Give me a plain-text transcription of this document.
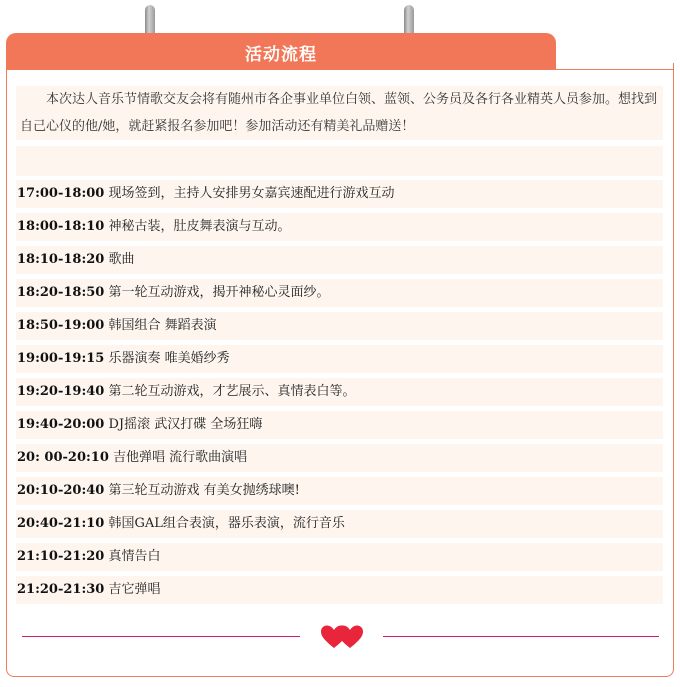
活动流程

本次达人音乐节情歌交友会将有随州市各企事业单位白领、蓝领、公务员及各行各业精英人员参加。想找到自己心仪的他/她，就赶紧报名参加吧！参加活动还有精美礼品赠送！

17:00-18:00 现场签到，主持人安排男女嘉宾速配进行游戏互动
18:00-18:10 神秘古装，肚皮舞表演与互动。
18:10-18:20 歌曲
18:20-18:50 第一轮互动游戏，揭开神秘心灵面纱。
18:50-19:00 韩国组合 舞蹈表演
19:00-19:15 乐器演奏 唯美婚纱秀
19:20-19:40 第二轮互动游戏，才艺展示、真情表白等。
19:40-20:00 DJ摇滚 武汉打碟 全场狂嗨
20: 00-20:10 吉他弹唱 流行歌曲演唱
20:10-20:40 第三轮互动游戏 有美女抛绣球噢!
20:40-21:10 韩国GAL组合表演，器乐表演，流行音乐
21:10-21:20 真情告白
21:20-21:30 吉它弹唱
